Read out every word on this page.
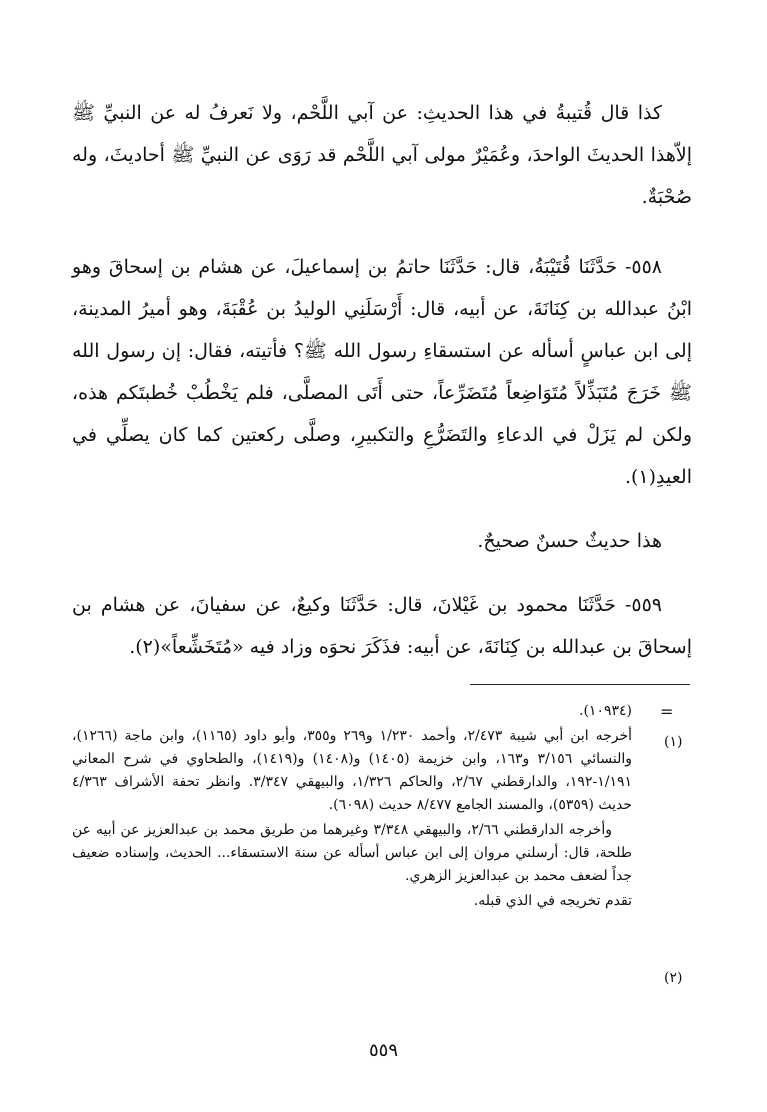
كذا قال قُتيبةُ في هذا الحديثِ: عن آبي اللَّحْم، ولا نَعرفُ له عن النبيِّ ﷺ إلاّهذا الحديثَ الواحدَ، وعُمَيْرٌ مولى آبي اللَّحْم قد رَوَى عن النبيِّ ﷺ أحاديثَ، وله صُحْبَةٌ.

٥٥٨- حَدَّثَنَا قُتَيْبَةُ، قال: حَدَّثَنَا حاتمُ بن إسماعيلَ، عن هشام بن إسحاقَ وهو ابْنُ عبدالله بن كِنَانَةَ، عن أبيه، قال: أَرْسَلَنِي الوليدُ بن عُقْبَةَ، وهو أميرُ المدينة، إلى ابن عباسٍ أسأله عن استسقاءِ رسول الله ﷺ؟ فأتيته، فقال: إن رسول الله ﷺ خَرَجَ مُتَبَذِّلاً مُتَوَاضِعاً مُتَضَرِّعاً، حتى أَتَى المصلَّى، فلم يَخْطُبْ خُطبتَكم هذه، ولكن لم يَزَلْ في الدعاءِ والتَضَرُّعِ والتكبيرِ، وصلَّى ركعتين كما كان يصلِّي في العيدِ(١).

هذا حديثٌ حسنٌ صحيحٌ.

٥٥٩- حَدَّثَنَا محمود بن غَيْلانَ، قال: حَدَّثَنَا وكيعٌ، عن سفيانَ، عن هشام بن إسحاقَ بن عبدالله بن كِنَانَةَ، عن أبيه: فذَكَرَ نحوَه وزاد فيه «مُتَخَشِّعاً»(٢).

=

(١٠٩٣٤).

(١)

أخرجه ابن أبي شيبة ٢/٤٧٣، وأحمد ١/٢٣٠ و٢٦٩ و٣٥٥، وأبو داود (١١٦٥)، وابن ماجة (١٢٦٦)، والنسائي ٣/١٥٦ و١٦٣، وابن خزيمة (١٤٠٥) و(١٤٠٨) و(١٤١٩)، والطحاوي في شرح المعاني ١/١٩١-١٩٢، والدارقطني ٢/٦٧، والحاكم ١/٣٢٦، والبيهقي ٣/٣٤٧. وانظر تحفة الأشراف ٤/٣٦٣ حديث (٥٣٥٩)، والمسند الجامع ٨/٤٧٧ حديث (٦٠٩٨).

وأخرجه الدارقطني ٢/٦٦، والبيهقي ٣/٣٤٨ وغيرهما من طريق محمد بن عبدالعزيز عن أبيه عن طلحة، قال: أرسلني مروان إلى ابن عباس أسأله عن سنة الاستسقاء... الحديث، وإسناده ضعيف جداً لضعف محمد بن عبدالعزيز الزهري.

(٢)

تقدم تخريجه في الذي قبله.

٥٥٩
